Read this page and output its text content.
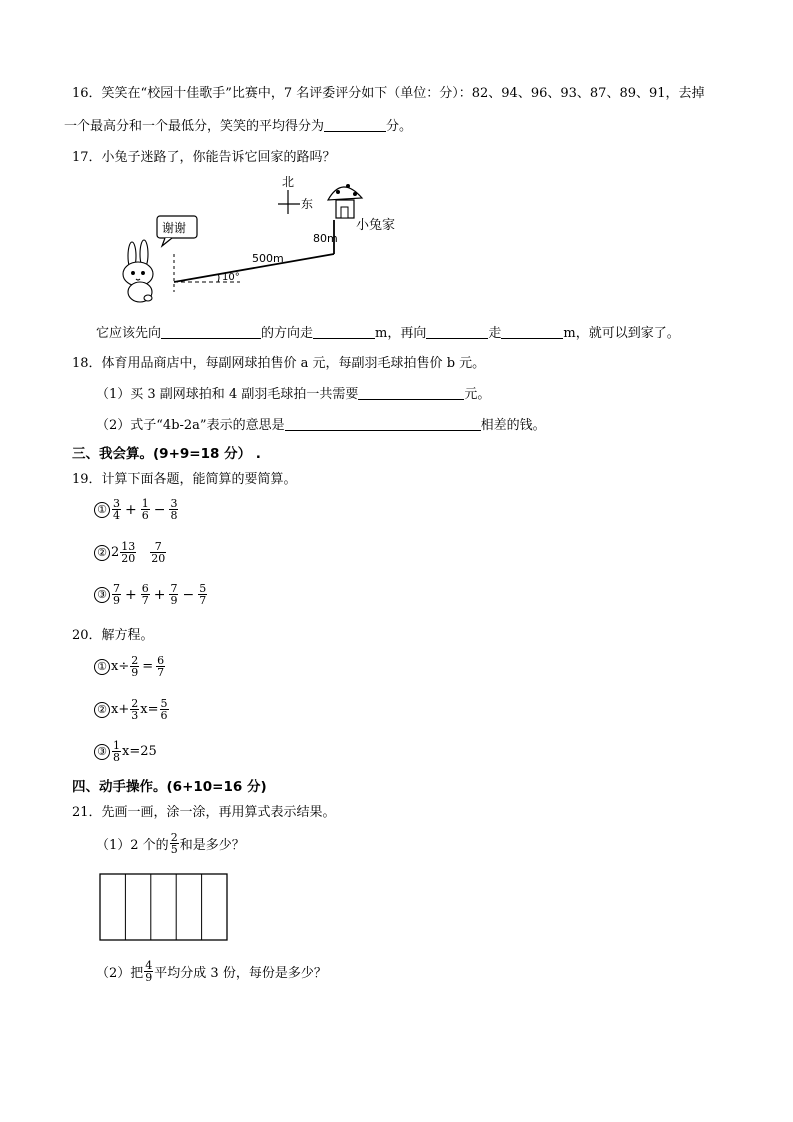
16．笑笑在“校园十佳歌手”比赛中，7 名评委评分如下（单位：分）：82、94、96、93、87、89、91，去掉
一个最高分和一个最低分，笑笑的平均得分为	分。
17．小兔子迷路了，你能告诉它回家的路吗？
北
东
小兔家
500m
80m
10°
谢谢
它应该先向	的方向走	m，再向	走	m，就可以到家了。
18．体育用品商店中，每副网球拍售价 a 元，每副羽毛球拍售价 b 元。
（1）买 3 副网球拍和 4 副羽毛球拍一共需要	元。
（2）式子“4b-2a”表示的意思是	相差的钱。
三、我会算。(9+9=18 分） .
19．计算下面各题，能简算的要简算。
① $\frac{3}{4} + \frac{1}{6} - \frac{3}{8}$
② $2 \frac{13}{20} \frac{7}{20}$
③ $\frac{7}{9} + \frac{6}{7} + \frac{7}{9} - \frac{5}{7}$
20．解方程。
① $x\div \frac{2}{9} = \frac{6}{7}$
② $x+ \frac{2}{3} x= \frac{5}{6}$
③ $\frac{1}{8} x=25$
四、动手操作。(6+10=16 分)
21．先画一画，涂一涂，再用算式表示结果。
（1）2 个的 $\frac{2}{5}$ 和是多少？
（2）把 $\frac{4}{9}$ 平均分成 3 份，每份是多少？
